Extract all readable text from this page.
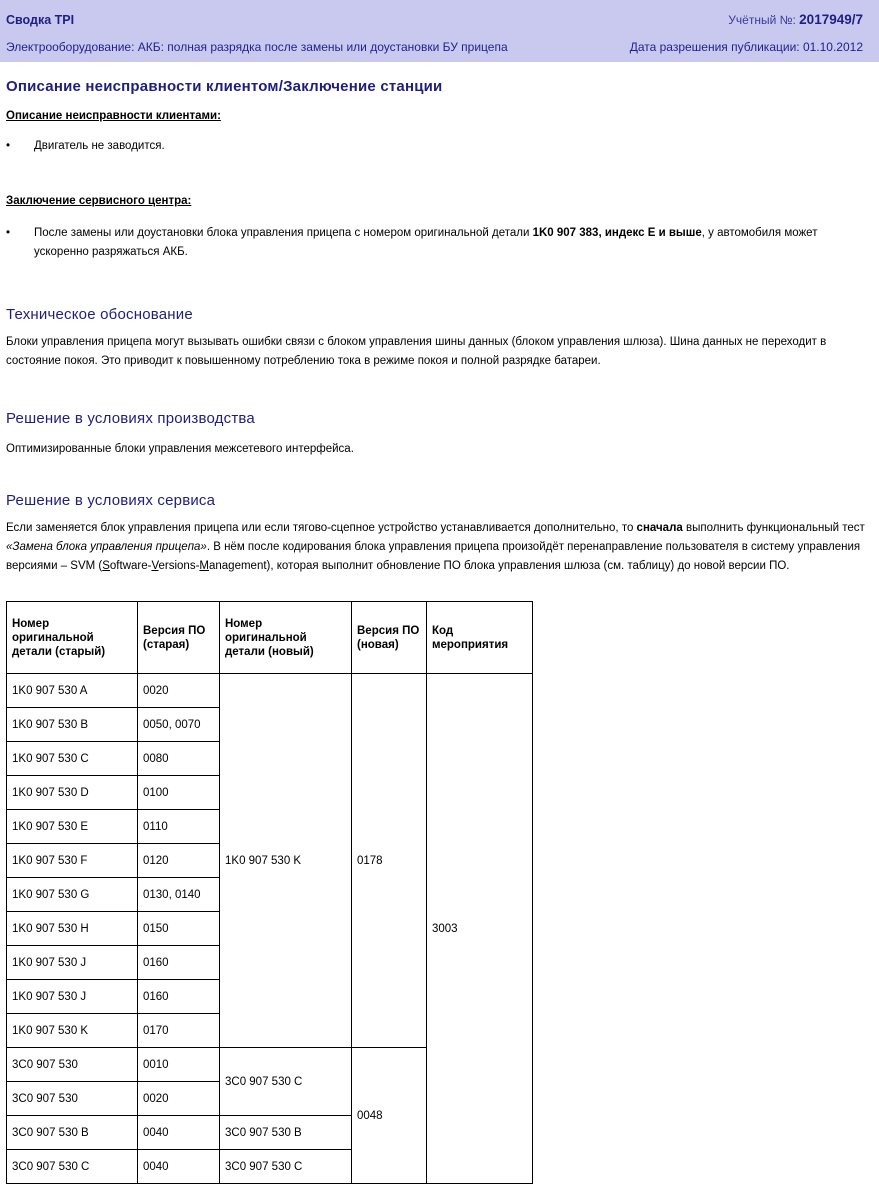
Сводка TPI	Учётный №: 2017949/7
Электрооборудование: АКБ: полная разрядка после замены или доустановки БУ прицепа	Дата разрешения публикации: 01.10.2012
Описание неисправности клиентом/Заключение станции
Описание неисправности клиентами:
• Двигатель не заводится.
Заключение сервисного центра:
• После замены или доустановки блока управления прицепа с номером оригинальной детали 1K0 907 383, индекс E и выше, у автомобиля может ускоренно разряжаться АКБ.
Техническое обоснование
Блоки управления прицепа могут вызывать ошибки связи с блоком управления шины данных (блоком управления шлюза). Шина данных не переходит в состояние покоя. Это приводит к повышенному потреблению тока в режиме покоя и полной разрядке батареи.
Решение в условиях производства
Оптимизированные блоки управления межсетевого интерфейса.
Решение в условиях сервиса
Если заменяется блок управления прицепа или если тягово-сцепное устройство устанавливается дополнительно, то сначала выполнить функциональный тест «Замена блока управления прицепа». В нём после кодирования блока управления прицепа произойдёт перенаправление пользователя в систему управления версиями – SVM (Software-Versions-Management), которая выполнит обновление ПО блока управления шлюза (см. таблицу) до новой версии ПО.
Номер оригинальной детали (старый)	Версия ПО (старая)	Номер оригинальной детали (новый)	Версия ПО (новая)	Код мероприятия
1K0 907 530 A	0020	1K0 907 530 K	0178	3003
1K0 907 530 B	0050, 0070			
1K0 907 530 C	0080			
1K0 907 530 D	0100			
1K0 907 530 E	0110			
1K0 907 530 F	0120			
1K0 907 530 G	0130, 0140			
1K0 907 530 H	0150			
1K0 907 530 J	0160			
1K0 907 530 J	0160			
1K0 907 530 K	0170			
3C0 907 530	0010	3C0 907 530 C	0048	
3C0 907 530	0020			
3C0 907 530 B	0040	3C0 907 530 B		
3C0 907 530 C	0040	3C0 907 530 C		
